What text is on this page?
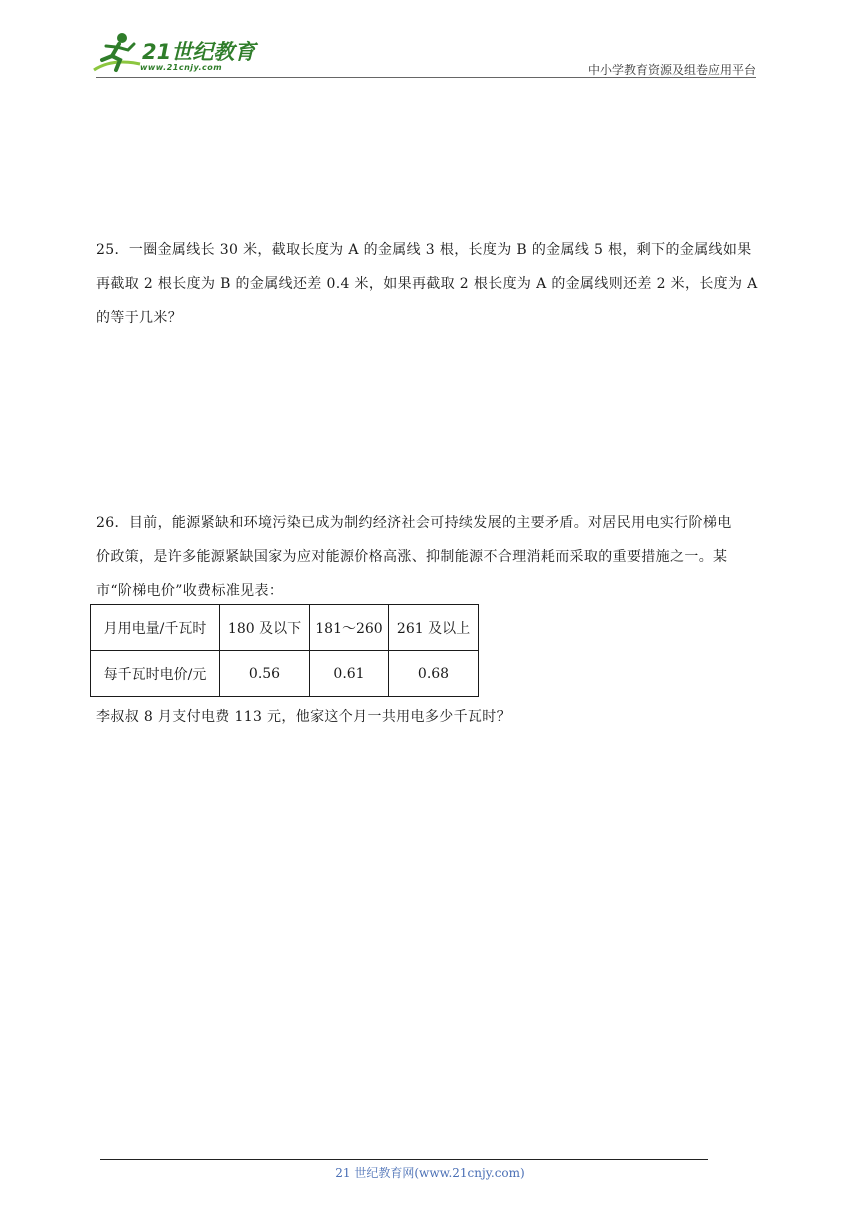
21世纪教育
www.21cnjy.com	中小学教育资源及组卷应用平台

25．一圈金属线长 30 米，截取长度为 A 的金属线 3 根，长度为 B 的金属线 5 根，剩下的金属线如果

再截取 2 根长度为 B 的金属线还差 0.4 米，如果再截取 2 根长度为 A 的金属线则还差 2 米，长度为 A

的等于几米？

26．目前，能源紧缺和环境污染已成为制约经济社会可持续发展的主要矛盾。对居民用电实行阶梯电

价政策，是许多能源紧缺国家为应对能源价格高涨、抑制能源不合理消耗而采取的重要措施之一。某

市“阶梯电价”收费标准见表：

月用电量/千瓦时	180 及以下	181～260	261 及以上
每千瓦时电价/元	0.56	0.61	0.68
李叔叔 8 月支付电费 113 元，他家这个月一共用电多少千瓦时？
21 世纪教育网(www.21cnjy.com)
